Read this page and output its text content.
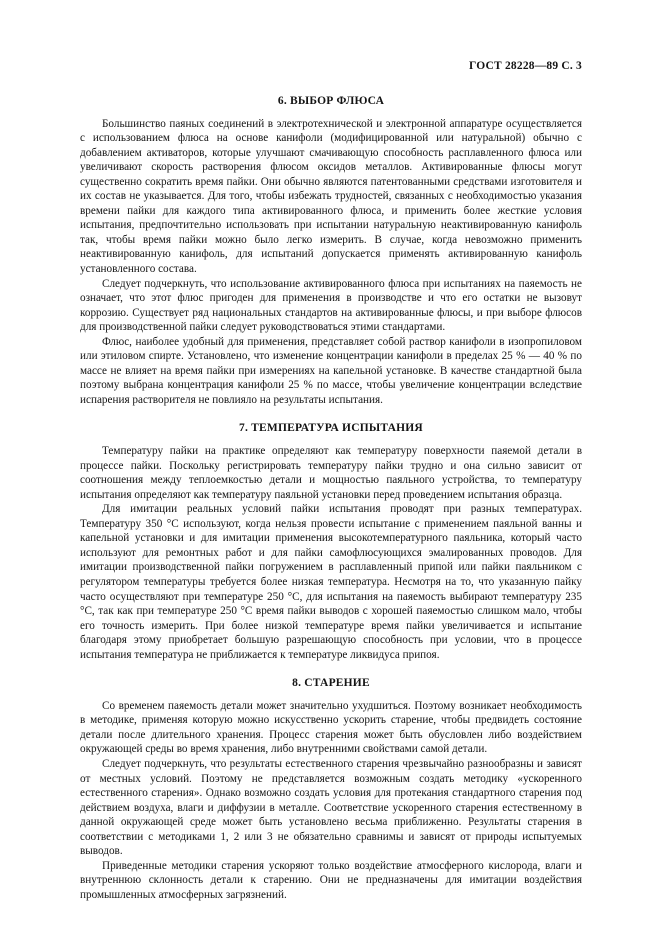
ГОСТ 28228—89 С. 3
6. ВЫБОР ФЛЮСА

Большинство паяных соединений в электротехнической и электронной аппаратуре осуществляется с использованием флюса на основе канифоли (модифицированной или натуральной) обычно с добавлением активаторов, которые улучшают смачивающую способность расплавленного флюса или увеличивают скорость растворения флюсом оксидов металлов. Активированные флюсы могут существенно сократить время пайки. Они обычно являются патентованными средствами изготовителя и их состав не указывается. Для того, чтобы избежать трудностей, связанных с необходимостью указания времени пайки для каждого типа активированного флюса, и применить более жесткие условия испытания, предпочтительно использовать при испытании натуральную неактивированную канифоль так, чтобы время пайки можно было легко измерить. В случае, когда невозможно применить неактивированную канифоль, для испытаний допускается применять активированную канифоль установленного состава.

Следует подчеркнуть, что использование активированного флюса при испытаниях на паяемость не означает, что этот флюс пригоден для применения в производстве и что его остатки не вызовут коррозию. Существует ряд национальных стандартов на активированные флюсы, и при выборе флюсов для производственной пайки следует руководствоваться этими стандартами.

Флюс, наиболее удобный для применения, представляет собой раствор канифоли в изопропиловом или этиловом спирте. Установлено, что изменение концентрации канифоли в пределах 25 % — 40 % по массе не влияет на время пайки при измерениях на капельной установке. В качестве стандартной была поэтому выбрана концентрация канифоли 25 % по массе, чтобы увеличение концентрации вследствие испарения растворителя не повлияло на результаты испытания.

7. ТЕМПЕРАТУРА ИСПЫТАНИЯ

Температуру пайки на практике определяют как температуру поверхности паяемой детали в процессе пайки. Поскольку регистрировать температуру пайки трудно и она сильно зависит от соотношения между теплоемкостью детали и мощностью паяльного устройства, то температуру испытания определяют как температуру паяльной установки перед проведением испытания образца.

Для имитации реальных условий пайки испытания проводят при разных температурах. Температуру 350 °С используют, когда нельзя провести испытание с применением паяльной ванны и капельной установки и для имитации применения высокотемпературного паяльника, который часто используют для ремонтных работ и для пайки самофлюсующихся эмалированных проводов. Для имитации производственной пайки погружением в расплавленный припой или пайки паяльником с регулятором температуры требуется более низкая температура. Несмотря на то, что указанную пайку часто осуществляют при температуре 250 °С, для испытания на паяемость выбирают температуру 235 °С, так как при температуре 250 °С время пайки выводов с хорошей паяемостью слишком мало, чтобы его точность измерить. При более низкой температуре время пайки увеличивается и испытание благодаря этому приобретает большую разрешающую способность при условии, что в процессе испытания температура не приближается к температуре ликвидуса припоя.

8. СТАРЕНИЕ

Со временем паяемость детали может значительно ухудшиться. Поэтому возникает необходимость в методике, применяя которую можно искусственно ускорить старение, чтобы предвидеть состояние детали после длительного хранения. Процесс старения может быть обусловлен либо воздействием окружающей среды во время хранения, либо внутренними свойствами самой детали.

Следует подчеркнуть, что результаты естественного старения чрезвычайно разнообразны и зависят от местных условий. Поэтому не представляется возможным создать методику «ускоренного естественного старения». Однако возможно создать условия для протекания стандартного старения под действием воздуха, влаги и диффузии в металле. Соответствие ускоренного старения естественному в данной окружающей среде может быть установлено весьма приближенно. Результаты старения в соответствии с методиками 1, 2 или 3 не обязательно сравнимы и зависят от природы испытуемых выводов.

Приведенные методики старения ускоряют только воздействие атмосферного кислорода, влаги и внутреннюю склонность детали к старению. Они не предназначены для имитации воздействия промышленных атмосферных загрязнений.
